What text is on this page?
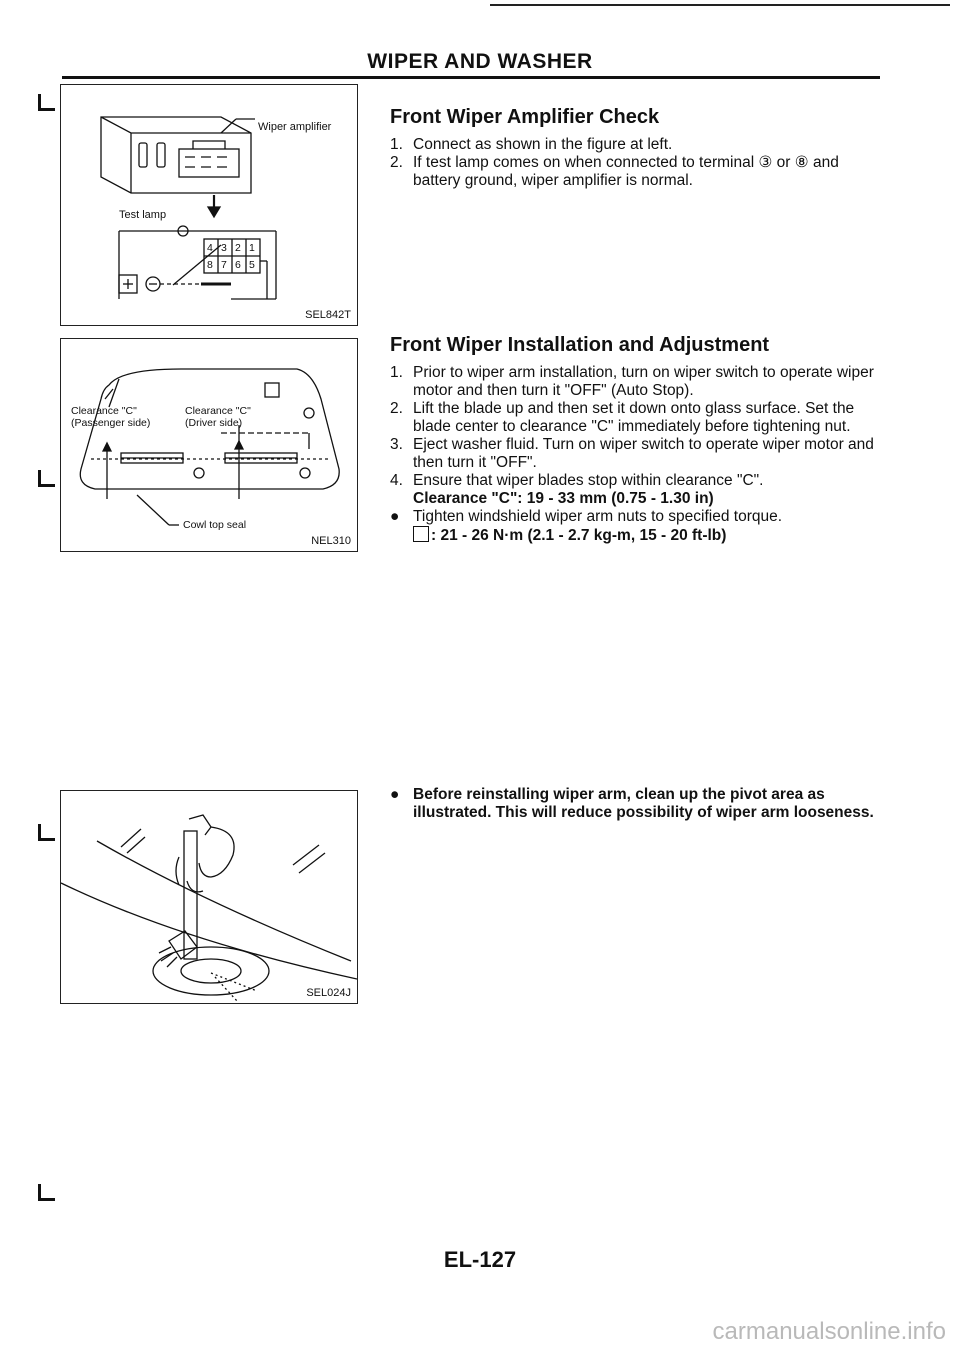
WIPER AND WASHER
Wiper amplifier
Test lamp
4 3 2 1
8 7 6 5
SEL842T
Clearance "C"
(Passenger side)
Clearance "C"
(Driver side)
Cowl top seal
NEL310
SEL024J
Front Wiper Amplifier Check
1. Connect as shown in the figure at left.
2. If test lamp comes on when connected to terminal ③ or ⑧ and battery ground, wiper amplifier is normal.
Front Wiper Installation and Adjustment
1. Prior to wiper arm installation, turn on wiper switch to operate wiper motor and then turn it "OFF" (Auto Stop).
2. Lift the blade up and then set it down onto glass surface. Set the blade center to clearance "C" immediately before tightening nut.
3. Eject washer fluid. Turn on wiper switch to operate wiper motor and then turn it "OFF".
4. Ensure that wiper blades stop within clearance "C".
Clearance "C": 19 - 33 mm (0.75 - 1.30 in)
● Tighten windshield wiper arm nuts to specified torque.
: 21 - 26 N·m (2.1 - 2.7 kg-m, 15 - 20 ft-lb)
● Before reinstalling wiper arm, clean up the pivot area as illustrated. This will reduce possibility of wiper arm looseness.
EL-127
carmanualsonline.info
